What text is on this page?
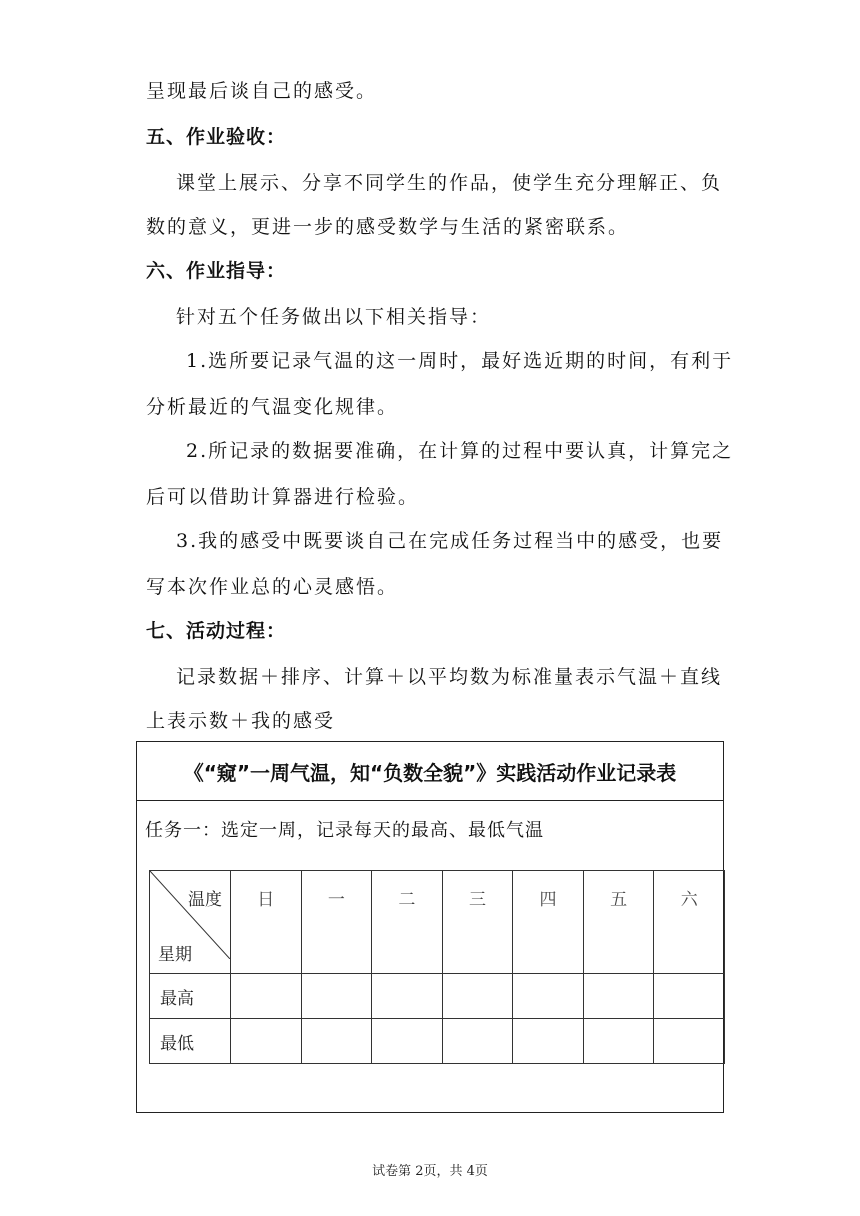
呈现最后谈自己的感受。
五、作业验收：
课堂上展示、分享不同学生的作品，使学生充分理解正、负
数的意义，更进一步的感受数学与生活的紧密联系。
六、作业指导：
针对五个任务做出以下相关指导：
1.选所要记录气温的这一周时，最好选近期的时间，有利于
分析最近的气温变化规律。
2.所记录的数据要准确，在计算的过程中要认真，计算完之
后可以借助计算器进行检验。
3.我的感受中既要谈自己在完成任务过程当中的感受，也要
写本次作业总的心灵感悟。
七、活动过程：
记录数据＋排序、计算＋以平均数为标准量表示气温＋直线
上表示数＋我的感受
《“窥”一周气温，知“负数全貌”》实践活动作业记录表
任务一：选定一周，记录每天的最高、最低气温
温度
星期	日	一	二	三	四	五	六
最高							
最低							
试卷第 2页，共 4页
